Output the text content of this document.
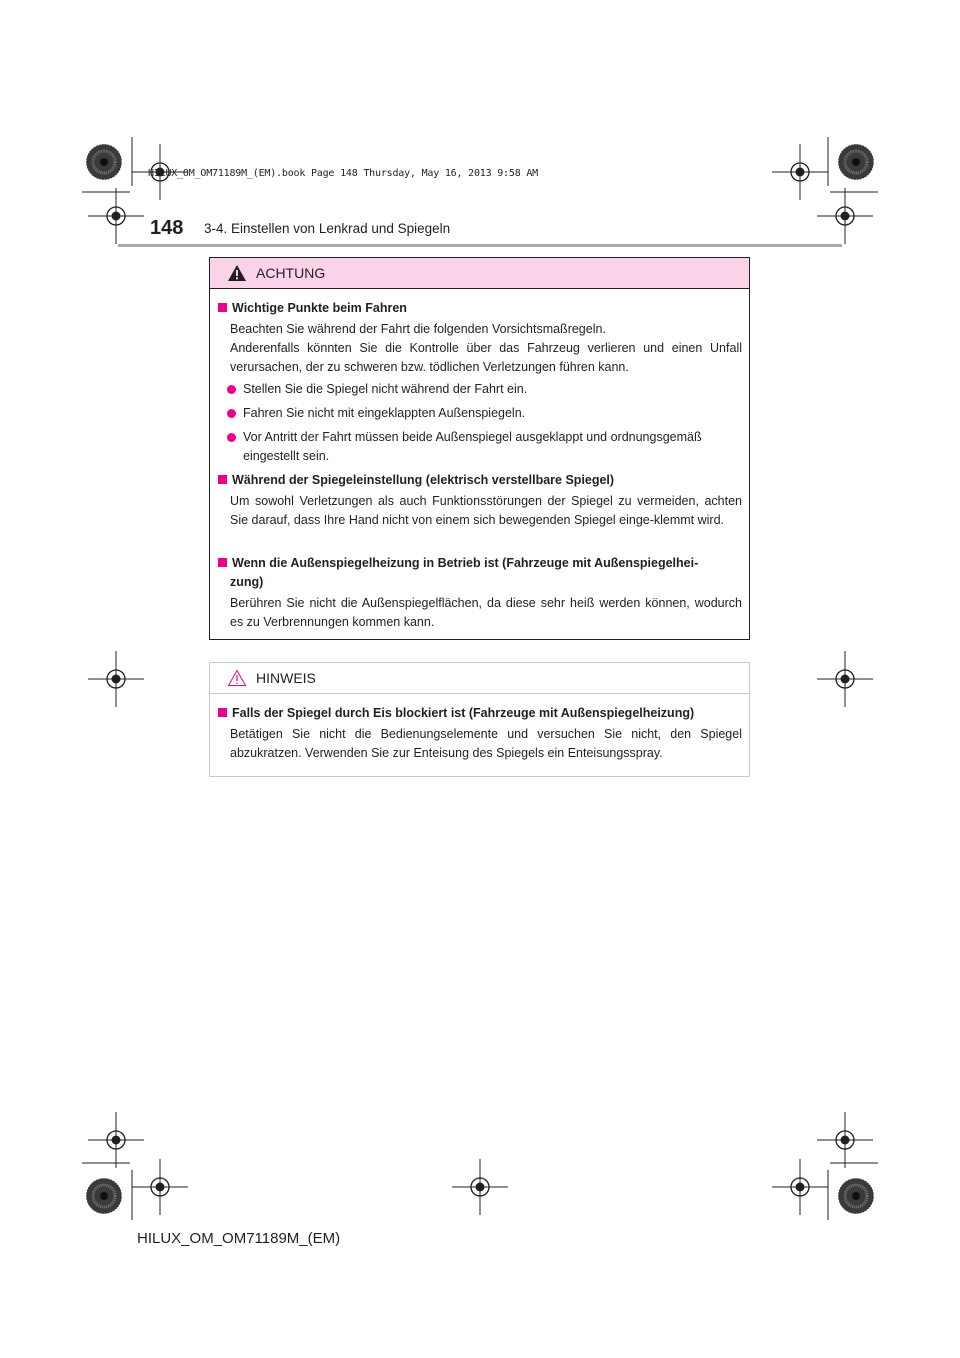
HILUX_OM_OM71189M_(EM).book Page 148 Thursday, May 16, 2013 9:58 AM
148 3-4. Einstellen von Lenkrad und Spiegeln
ACHTUNG
Wichtige Punkte beim Fahren
Beachten Sie während der Fahrt die folgenden Vorsichtsmaßregeln.
Anderenfalls könnten Sie die Kontrolle über das Fahrzeug verlieren und einen Unfall verursachen, der zu schweren bzw. tödlichen Verletzungen führen kann.
Stellen Sie die Spiegel nicht während der Fahrt ein.
Fahren Sie nicht mit eingeklappten Außenspiegeln.
Vor Antritt der Fahrt müssen beide Außenspiegel ausgeklappt und ordnungsgemäß eingestellt sein.
Während der Spiegeleinstellung (elektrisch verstellbare Spiegel)
Um sowohl Verletzungen als auch Funktionsstörungen der Spiegel zu vermeiden, achten Sie darauf, dass Ihre Hand nicht von einem sich bewegenden Spiegel einge-klemmt wird.
Wenn die Außenspiegelheizung in Betrieb ist (Fahrzeuge mit Außenspiegelhei-
zung)
Berühren Sie nicht die Außenspiegelflächen, da diese sehr heiß werden können, wodurch es zu Verbrennungen kommen kann.
HINWEIS
Falls der Spiegel durch Eis blockiert ist (Fahrzeuge mit Außenspiegelheizung)
Betätigen Sie nicht die Bedienungselemente und versuchen Sie nicht, den Spiegel abzukratzen. Verwenden Sie zur Enteisung des Spiegels ein Enteisungsspray.
HILUX_OM_OM71189M_(EM)
